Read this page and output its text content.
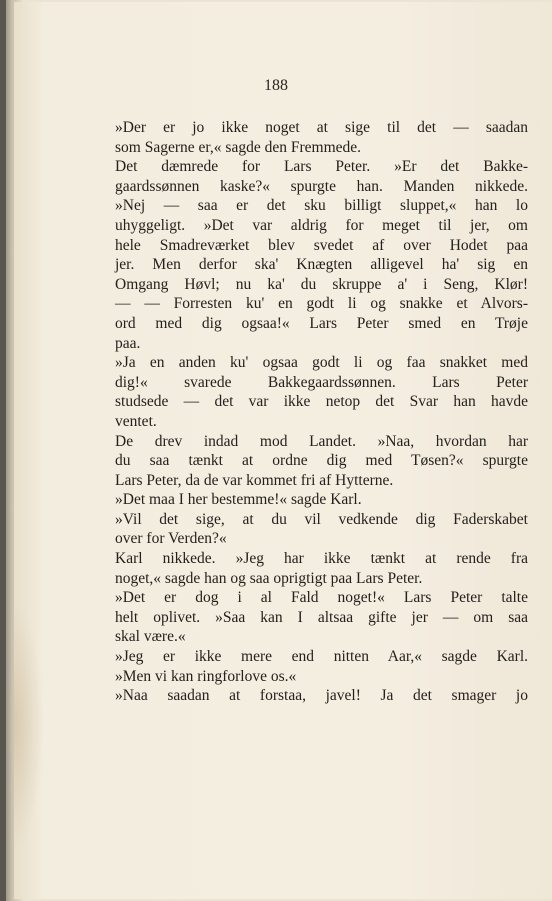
188
»Der er jo ikke noget at sige til det — saadan
som Sagerne er,« sagde den Fremmede.
Det dæmrede for Lars Peter. »Er det Bakke-
gaardssønnen kaske?« spurgte han. Manden nikkede.
»Nej — saa er det sku billigt sluppet,« han lo
uhyggeligt. »Det var aldrig for meget til jer, om
hele Smadreværket blev svedet af over Hodet paa
jer. Men derfor ska' Knægten alligevel ha' sig en
Omgang Høvl; nu ka' du skruppe a' i Seng, Klør!
— — Forresten ku' en godt li og snakke et Alvors-
ord med dig ogsaa!« Lars Peter smed en Trøje
paa.
»Ja en anden ku' ogsaa godt li og faa snakket med
dig!« svarede Bakkegaardssønnen. Lars Peter
studsede — det var ikke netop det Svar han havde
ventet.
De drev indad mod Landet. »Naa, hvordan har
du saa tænkt at ordne dig med Tøsen?« spurgte
Lars Peter, da de var kommet fri af Hytterne.
»Det maa I her bestemme!« sagde Karl.
»Vil det sige, at du vil vedkende dig Faderskabet
over for Verden?«
Karl nikkede. »Jeg har ikke tænkt at rende fra
noget,« sagde han og saa oprigtigt paa Lars Peter.
»Det er dog i al Fald noget!« Lars Peter talte
helt oplivet. »Saa kan I altsaa gifte jer — om saa
skal være.«
»Jeg er ikke mere end nitten Aar,« sagde Karl.
»Men vi kan ringforlove os.«
»Naa saadan at forstaa, javel! Ja det smager jo
